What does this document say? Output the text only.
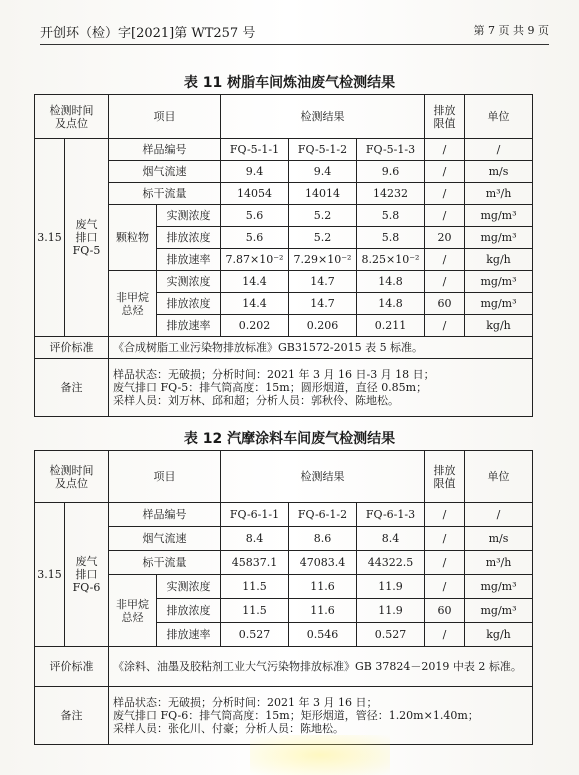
开创环（检）字[2021]第 WT257 号	第 7 页 共 9 页
表 11 树脂车间炼油废气检测结果
检测时间
及点位		项目		检测结果			排放
限值	单位
3.15	废气
排口
FQ-5	样品编号		FQ-5-1-1	FQ-5-1-2	FQ-5-1-3	/	/
		烟气流速		9.4	9.4	9.6	/	m/s
		标干流量		14054	14014	14232	/	m³/h
		颗粒物	实测浓度	5.6	5.2	5.8	/	mg/m³
			排放浓度	5.6	5.2	5.8	20	mg/m³
			排放速率	7.87×10⁻²	7.29×10⁻²	8.25×10⁻²	/	kg/h
		非甲烷
总烃	实测浓度	14.4	14.7	14.8	/	mg/m³
			排放浓度	14.4	14.7	14.8	60	mg/m³
			排放速率	0.202	0.206	0.211	/	kg/h
评价标准		《合成树脂工业污染物排放标准》GB31572-2015 表 5 标准。						
备注		样品状态：无破损；分析时间：2021 年 3 月 16 日-3 月 18 日；
废气排口 FQ-5：排气筒高度：15m；圆形烟道，直径 0.85m；
采样人员：刘万林、邱和超；分析人员：郭秋伶、陈地松。						
表 12 汽摩涂料车间废气检测结果
检测时间
及点位		项目		检测结果			排放
限值	单位
3.15	废气
排口
FQ-6	样品编号		FQ-6-1-1	FQ-6-1-2	FQ-6-1-3	/	/
		烟气流速		8.4	8.6	8.4	/	m/s
		标干流量		45837.1	47083.4	44322.5	/	m³/h
		非甲烷
总烃	实测浓度	11.5	11.6	11.9	/	mg/m³
			排放浓度	11.5	11.6	11.9	60	mg/m³
			排放速率	0.527	0.546	0.527	/	kg/h
评价标准		《涂料、油墨及胶粘剂工业大气污染物排放标准》GB 37824－2019 中表 2 标准。						
备注		样品状态：无破损；分析时间：2021 年 3 月 16 日；
废气排口 FQ-6：排气筒高度：15m；矩形烟道，管径：1.20m×1.40m；
采样人员：张化川、付豪；分析人员：陈地松。						
